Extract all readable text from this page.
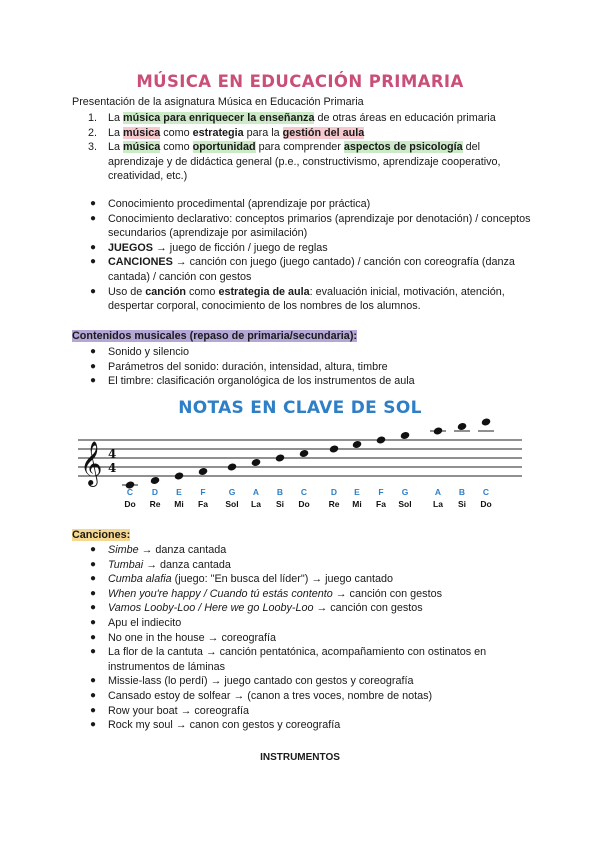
MÚSICA EN EDUCACIÓN PRIMARIA
Presentación de la asignatura Música en Educación Primaria
1. La música para enriquecer la enseñanza de otras áreas en educación primaria
2. La música como estrategia para la gestión del aula
3. La música como oportunidad para comprender aspectos de psicología del aprendizaje y de didáctica general (p.e., constructivismo, aprendizaje cooperativo, creatividad, etc.)
● Conocimiento procedimental (aprendizaje por práctica)
● Conocimiento declarativo: conceptos primarios (aprendizaje por denotación) / conceptos secundarios (aprendizaje por asimilación)
● JUEGOS → juego de ficción / juego de reglas
● CANCIONES → canción con juego (juego cantado) / canción con coreografía (danza cantada) / canción con gestos
● Uso de canción como estrategia de aula: evaluación inicial, motivación, atención, despertar corporal, conocimiento de los nombres de los alumnos.
Contenidos musicales (repaso de primaria/secundaria):
● Sonido y silencio
● Parámetros del sonido: duración, intensidad, altura, timbre
● El timbre: clasificación organológica de los instrumentos de aula
NOTAS EN CLAVE DE SOL
𝄞 4
4
C
Do
D
Re
E
Mi
F
Fa
G
Sol
A
La
B
Si
C
Do
D
Re
E
Mi
F
Fa
G
Sol
A
La
B
Si
C
Do
Canciones:
● Simbe → danza cantada
● Tumbai → danza cantada
● Cumba alafia (juego: "En busca del líder") → juego cantado
● When you're happy / Cuando tú estás contento → canción con gestos
● Vamos Looby-Loo / Here we go Looby-Loo → canción con gestos
● Apu el indiecito
● No one in the house → coreografía
● La flor de la cantuta → canción pentatónica, acompañamiento con ostinatos en instrumentos de láminas
● Missie-lass (lo perdí) → juego cantado con gestos y coreografía
● Cansado estoy de solfear → (canon a tres voces, nombre de notas)
● Row your boat → coreografía
● Rock my soul → canon con gestos y coreografía
INSTRUMENTOS
